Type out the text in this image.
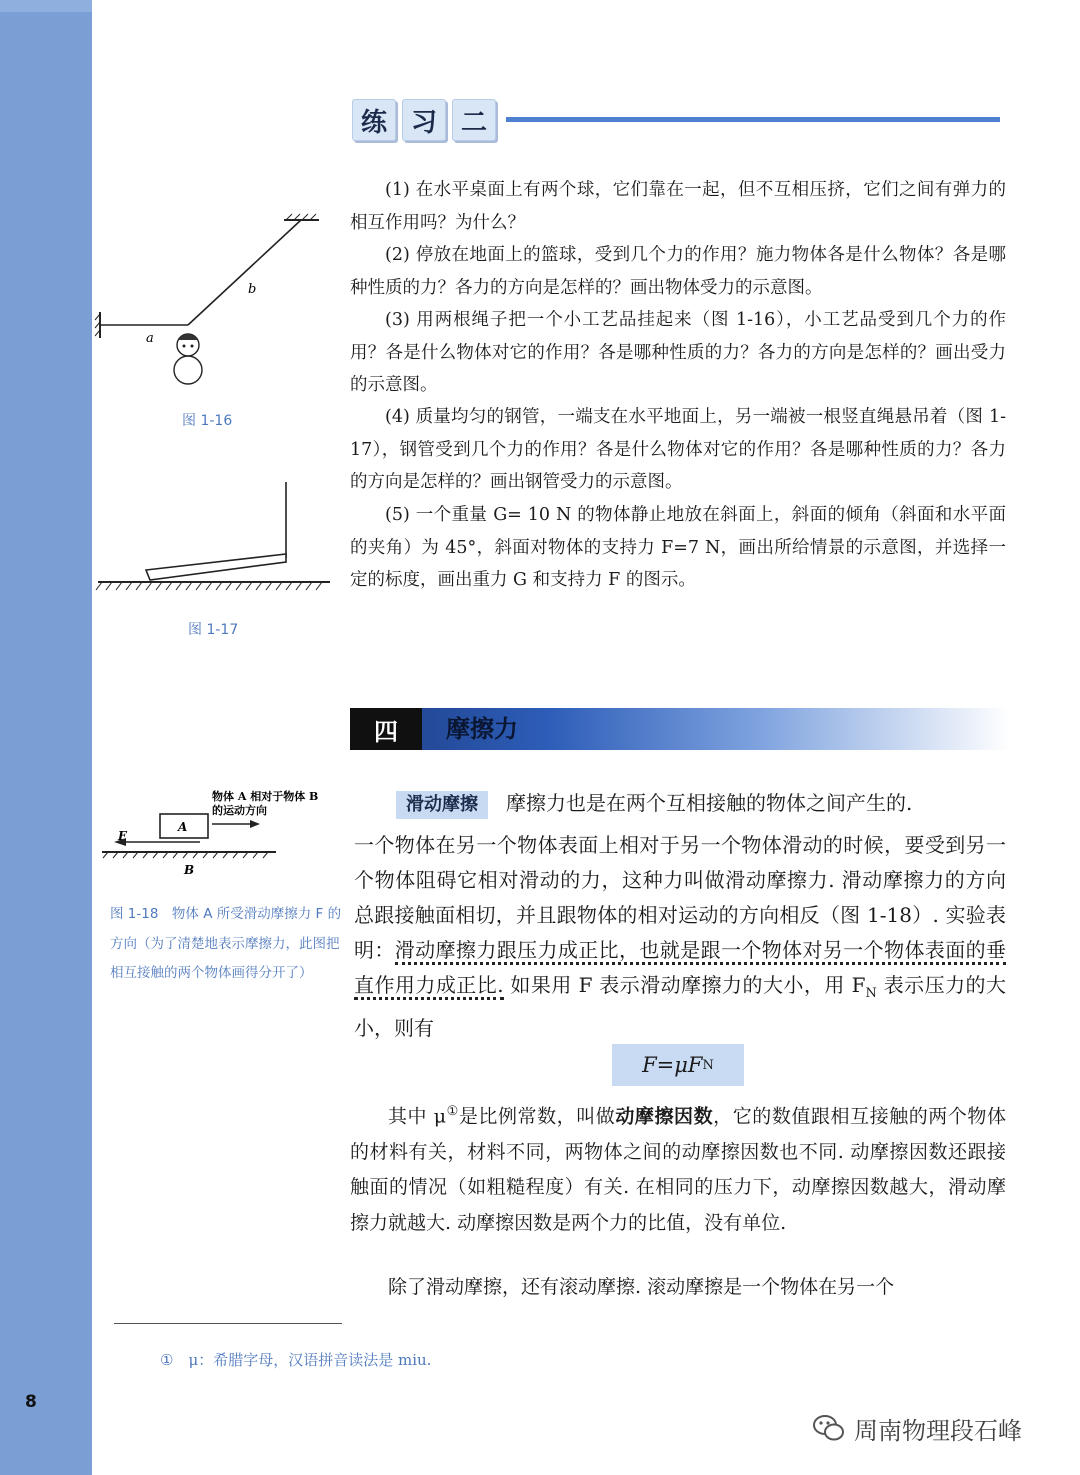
练 习 二

(1) 在水平桌面上有两个球，它们靠在一起，但不互相压挤，它们之间有弹力的相互作用吗？为什么？

(2) 停放在地面上的篮球，受到几个力的作用？施力物体各是什么物体？各是哪种性质的力？各力的方向是怎样的？画出物体受力的示意图。

(3) 用两根绳子把一个小工艺品挂起来（图 1-16），小工艺品受到几个力的作用？各是什么物体对它的作用？各是哪种性质的力？各力的方向是怎样的？画出受力的示意图。

(4) 质量均匀的钢管，一端支在水平地面上，另一端被一根竖直绳悬吊着（图 1-17），钢管受到几个力的作用？各是什么物体对它的作用？各是哪种性质的力？各力的方向是怎样的？画出钢管受力的示意图。

(5) 一个重量 G= 10 N 的物体静止地放在斜面上，斜面的倾角（斜面和水平面的夹角）为 45°，斜面对物体的支持力 F=7 N，画出所给情景的示意图，并选择一定的标度，画出重力 G 和支持力 F 的图示。

a
b
图 1-16
图 1-17
四	摩擦力
物体 A 相对于物体 B
的运动方向
A
F
B

图 1-18　物体 A 所受滑动摩擦力 F 的方向（为了清楚地表示摩擦力，此图把相互接触的两个物体画得分开了）

滑动摩擦 摩擦力也是在两个互相接触的物体之间产生的.

一个物体在另一个物体表面上相对于另一个物体滑动的时候，要受到另一个物体阻碍它相对滑动的力，这种力叫做滑动摩擦力. 滑动摩擦力的方向总跟接触面相切，并且跟物体的相对运动的方向相反（图 1-18）. 实验表明：滑动摩擦力跟压力成正比，也就是跟一个物体对另一个物体表面的垂直作用力成正比. 如果用 F 表示滑动摩擦力的大小，用 $F_N$ 表示压力的大小，则有

F=μF N

其中 μ①是比例常数，叫做动摩擦因数，它的数值跟相互接触的两个物体的材料有关，材料不同，两物体之间的动摩擦因数也不同. 动摩擦因数还跟接触面的情况（如粗糙程度）有关. 在相同的压力下，动摩擦因数越大，滑动摩擦力就越大. 动摩擦因数是两个力的比值，没有单位.

除了滑动摩擦，还有滚动摩擦. 滚动摩擦是一个物体在另一个

①　μ：希腊字母，汉语拼音读法是 miu.
8
周南物理段石峰
